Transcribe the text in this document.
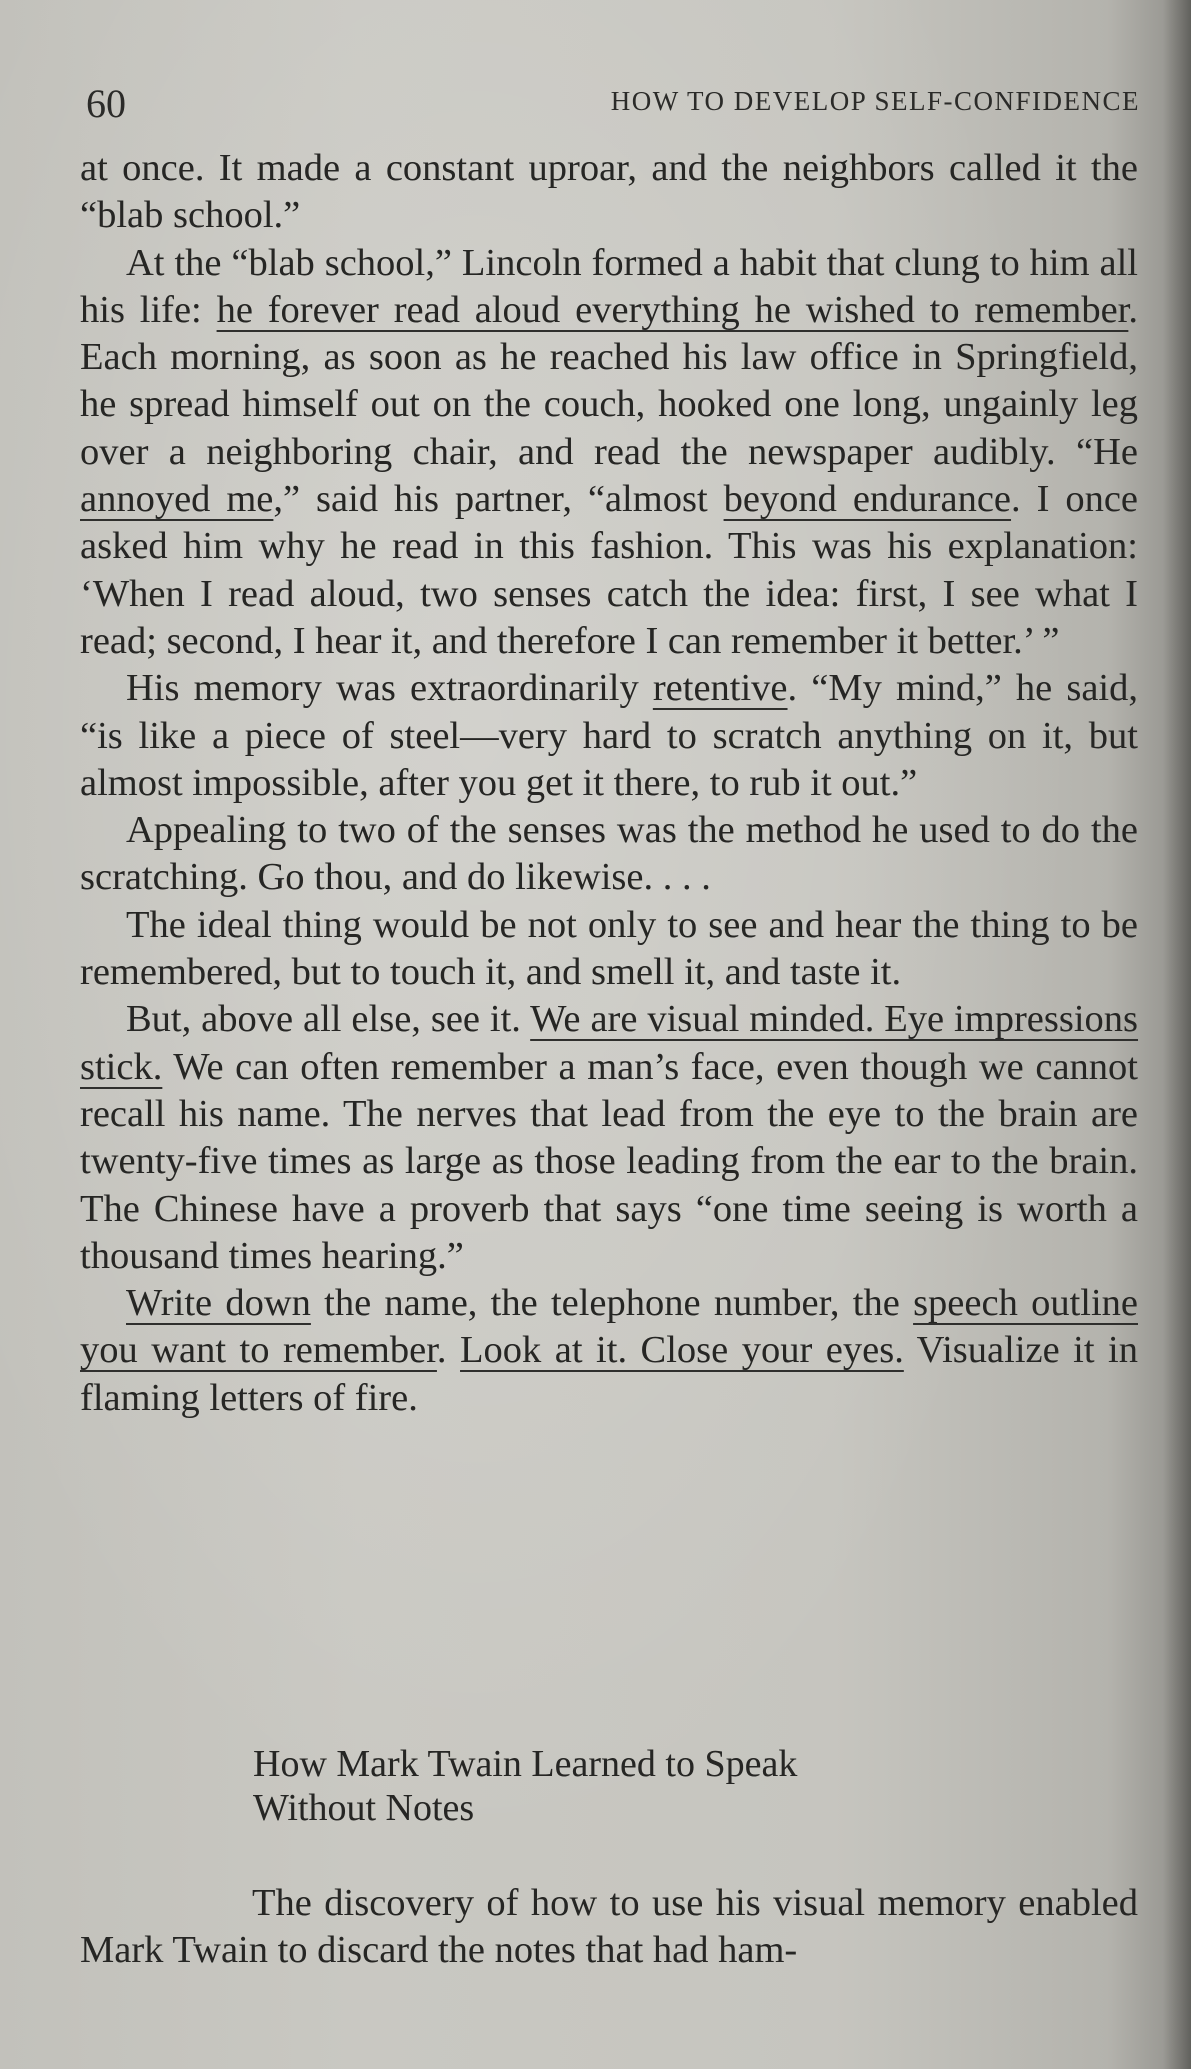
60	HOW TO DEVELOP SELF-CONFIDENCE

at once. It made a constant uproar, and the neighbors called it the “blab school.”

At the “blab school,” Lincoln formed a habit that clung to him all his life: he forever read aloud everything he wished to remember. Each morning, as soon as he reached his law office in Springfield, he spread himself out on the couch, hooked one long, ungainly leg over a neighboring chair, and read the newspaper audibly. “He annoyed me,” said his partner, “almost beyond endurance. I once asked him why he read in this fashion. This was his explanation: ‘When I read aloud, two senses catch the idea: first, I see what I read; second, I hear it, and therefore I can remember it better.’ ”

His memory was extraordinarily retentive. “My mind,” he said, “is like a piece of steel—very hard to scratch anything on it, but almost impossible, after you get it there, to rub it out.”

Appealing to two of the senses was the method he used to do the scratching. Go thou, and do likewise. . . .

The ideal thing would be not only to see and hear the thing to be remembered, but to touch it, and smell it, and taste it.

But, above all else, see it. We are visual minded. Eye impressions stick. We can often remember a man’s face, even though we cannot recall his name. The nerves that lead from the eye to the brain are twenty-five times as large as those leading from the ear to the brain. The Chinese have a proverb that says “one time seeing is worth a thousand times hearing.”

Write down the name, the telephone number, the speech outline you want to remember. Look at it. Close your eyes. Visualize it in flaming letters of fire.

How Mark Twain Learned to Speak
Without Notes

The discovery of how to use his visual memory enabled Mark Twain to discard the notes that had ham-
